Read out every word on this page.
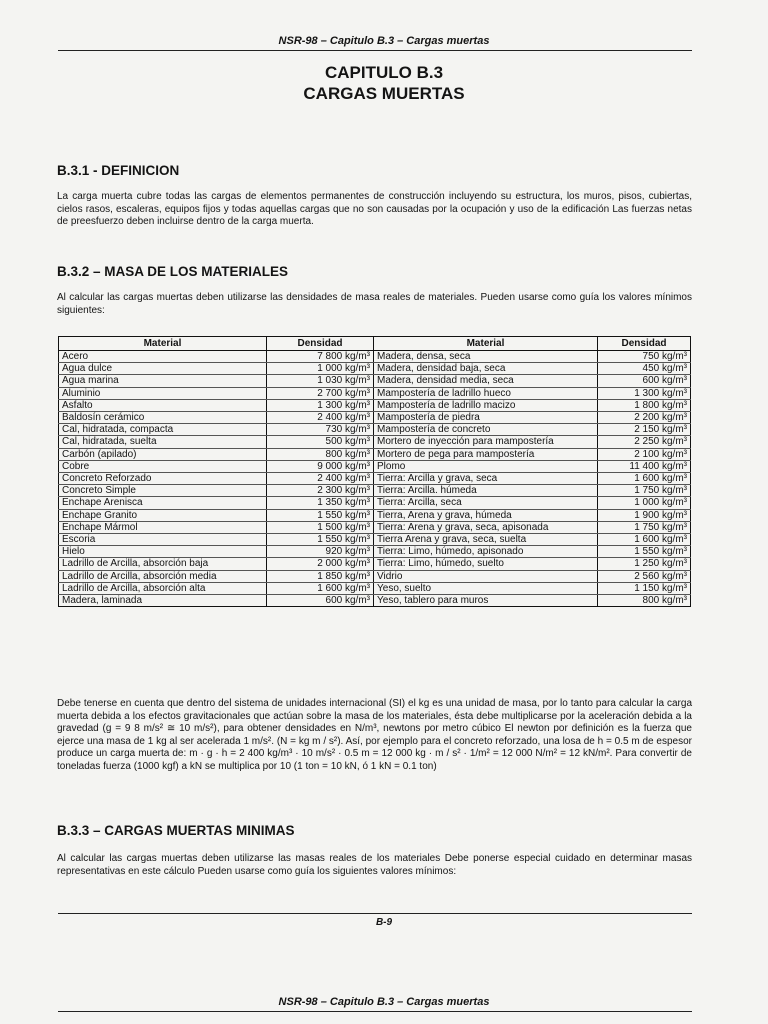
NSR-98 – Capitulo B.3 – Cargas muertas
CAPITULO B.3
CARGAS MUERTAS
B.3.1 - DEFINICION
La carga muerta cubre todas las cargas de elementos permanentes de construcción incluyendo su estructura, los muros, pisos, cubiertas, cielos rasos, escaleras, equipos fijos y todas aquellas cargas que no son causadas por la ocupación y uso de la edificación Las fuerzas netas de preesfuerzo deben incluirse dentro de la carga muerta.
B.3.2 – MASA DE LOS MATERIALES
Al calcular las cargas muertas deben utilizarse las densidades de masa reales de materiales. Pueden usarse como guía los valores mínimos siguientes:
Material	Densidad	Material	Densidad
Acero	7 800 kg/m³	Madera, densa, seca	750 kg/m³
Agua dulce	1 000 kg/m³	Madera, densidad baja, seca	450 kg/m³
Agua marina	1 030 kg/m³	Madera, densidad media, seca	600 kg/m³
Aluminio	2 700 kg/m³	Mampostería de ladrillo hueco	1 300 kg/m³
Asfalto	1 300 kg/m³	Mampostería de ladrillo macizo	1 800 kg/m³
Baldosín cerámico	2 400 kg/m³	Mampostería de piedra	2 200 kg/m³
Cal, hidratada, compacta	730 kg/m³	Mampostería de concreto	2 150 kg/m³
Cal, hidratada, suelta	500 kg/m³	Mortero de inyección para mampostería	2 250 kg/m³
Carbón (apilado)	800 kg/m³	Mortero de pega para mampostería	2 100 kg/m³
Cobre	9 000 kg/m³	Plomo	11 400 kg/m³
Concreto Reforzado	2 400 kg/m³	Tierra: Arcilla y grava, seca	1 600 kg/m³
Concreto Simple	2 300 kg/m³	Tierra: Arcilla. húmeda	1 750 kg/m³
Enchape Arenisca	1 350 kg/m³	Tierra: Arcilla, seca	1 000 kg/m³
Enchape Granito	1 550 kg/m³	Tierra, Arena y grava, húmeda	1 900 kg/m³
Enchape Mármol	1 500 kg/m³	Tierra: Arena y grava, seca, apisonada	1 750 kg/m³
Escoria	1 550 kg/m³	Tierra Arena y grava, seca, suelta	1 600 kg/m³
Hielo	920 kg/m³	Tierra: Limo, húmedo, apisonado	1 550 kg/m³
Ladrillo de Arcilla, absorción baja	2 000 kg/m³	Tierra: Limo, húmedo, suelto	1 250 kg/m³
Ladrillo de Arcilla, absorción media	1 850 kg/m³	Vidrio	2 560 kg/m³
Ladrillo de Arcilla, absorción alta	1 600 kg/m³	Yeso, suelto	1 150 kg/m³
Madera, laminada	600 kg/m³	Yeso, tablero para muros	800 kg/m³
Debe tenerse en cuenta que dentro del sistema de unidades internacional (SI) el kg es una unidad de masa, por lo tanto para calcular la carga muerta debida a los efectos gravitacionales que actúan sobre la masa de los materiales, ésta debe multiplicarse por la aceleración debida a la gravedad (g = 9 8 m/s² ≅ 10 m/s²), para obtener densidades en N/m³, newtons por metro cúbico El newton por definición es la fuerza que ejerce una masa de 1 kg al ser acelerada 1 m/s². (N = kg m / s²). Así, por ejemplo para el concreto reforzado, una losa de h = 0.5 m de espesor produce un carga muerta de: m · g · h = 2 400 kg/m³ · 10 m/s² · 0.5 m = 12 000 kg · m / s² · 1/m² = 12 000 N/m² = 12 kN/m². Para convertir de toneladas fuerza (1000 kgf) a kN se multiplica por 10 (1 ton = 10 kN, ó 1 kN = 0.1 ton)
B.3.3 – CARGAS MUERTAS MINIMAS
Al calcular las cargas muertas deben utilizarse las masas reales de los materiales Debe ponerse especial cuidado en determinar masas representativas en este cálculo Pueden usarse como guía los siguientes valores mínimos:
B-9
NSR-98 – Capitulo B.3 – Cargas muertas
